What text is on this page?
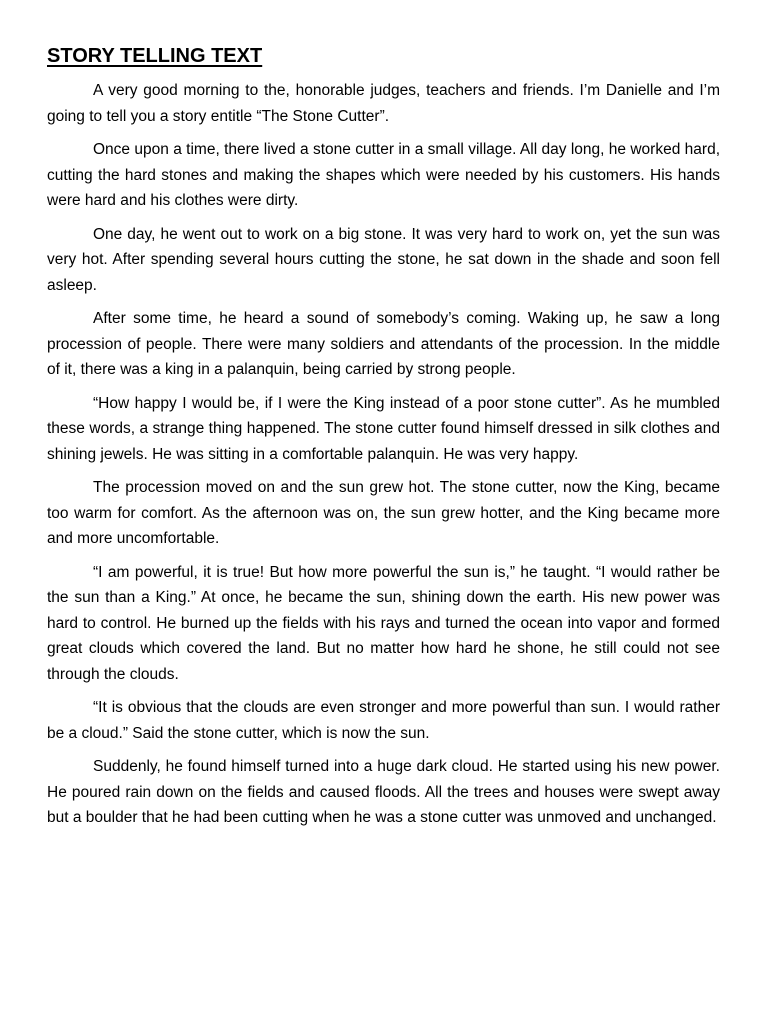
STORY TELLING TEXT

A very good morning to the, honorable judges, teachers and friends. I’m Danielle and I’m going to tell you a story entitle “The Stone Cutter”.

Once upon a time, there lived a stone cutter in a small village. All day long, he worked hard, cutting the hard stones and making the shapes which were needed by his customers. His hands were hard and his clothes were dirty.

One day, he went out to work on a big stone. It was very hard to work on, yet the sun was very hot. After spending several hours cutting the stone, he sat down in the shade and soon fell asleep.

After some time, he heard a sound of somebody’s coming. Waking up, he saw a long procession of people. There were many soldiers and attendants of the procession. In the middle of it, there was a king in a palanquin, being carried by strong people.

“How happy I would be, if I were the King instead of a poor stone cutter”. As he mumbled these words, a strange thing happened. The stone cutter found himself dressed in silk clothes and shining jewels. He was sitting in a comfortable palanquin. He was very happy.

The procession moved on and the sun grew hot. The stone cutter, now the King, became too warm for comfort. As the afternoon was on, the sun grew hotter, and the King became more and more uncomfortable.

“I am powerful, it is true! But how more powerful the sun is,” he taught. “I would rather be the sun than a King.” At once, he became the sun, shining down the earth. His new power was hard to control. He burned up the fields with his rays and turned the ocean into vapor and formed great clouds which covered the land. But no matter how hard he shone, he still could not see through the clouds.

“It is obvious that the clouds are even stronger and more powerful than sun. I would rather be a cloud.” Said the stone cutter, which is now the sun.

Suddenly, he found himself turned into a huge dark cloud. He started using his new power. He poured rain down on the fields and caused floods. All the trees and houses were swept away but a boulder that he had been cutting when he was a stone cutter was unmoved and unchanged.
